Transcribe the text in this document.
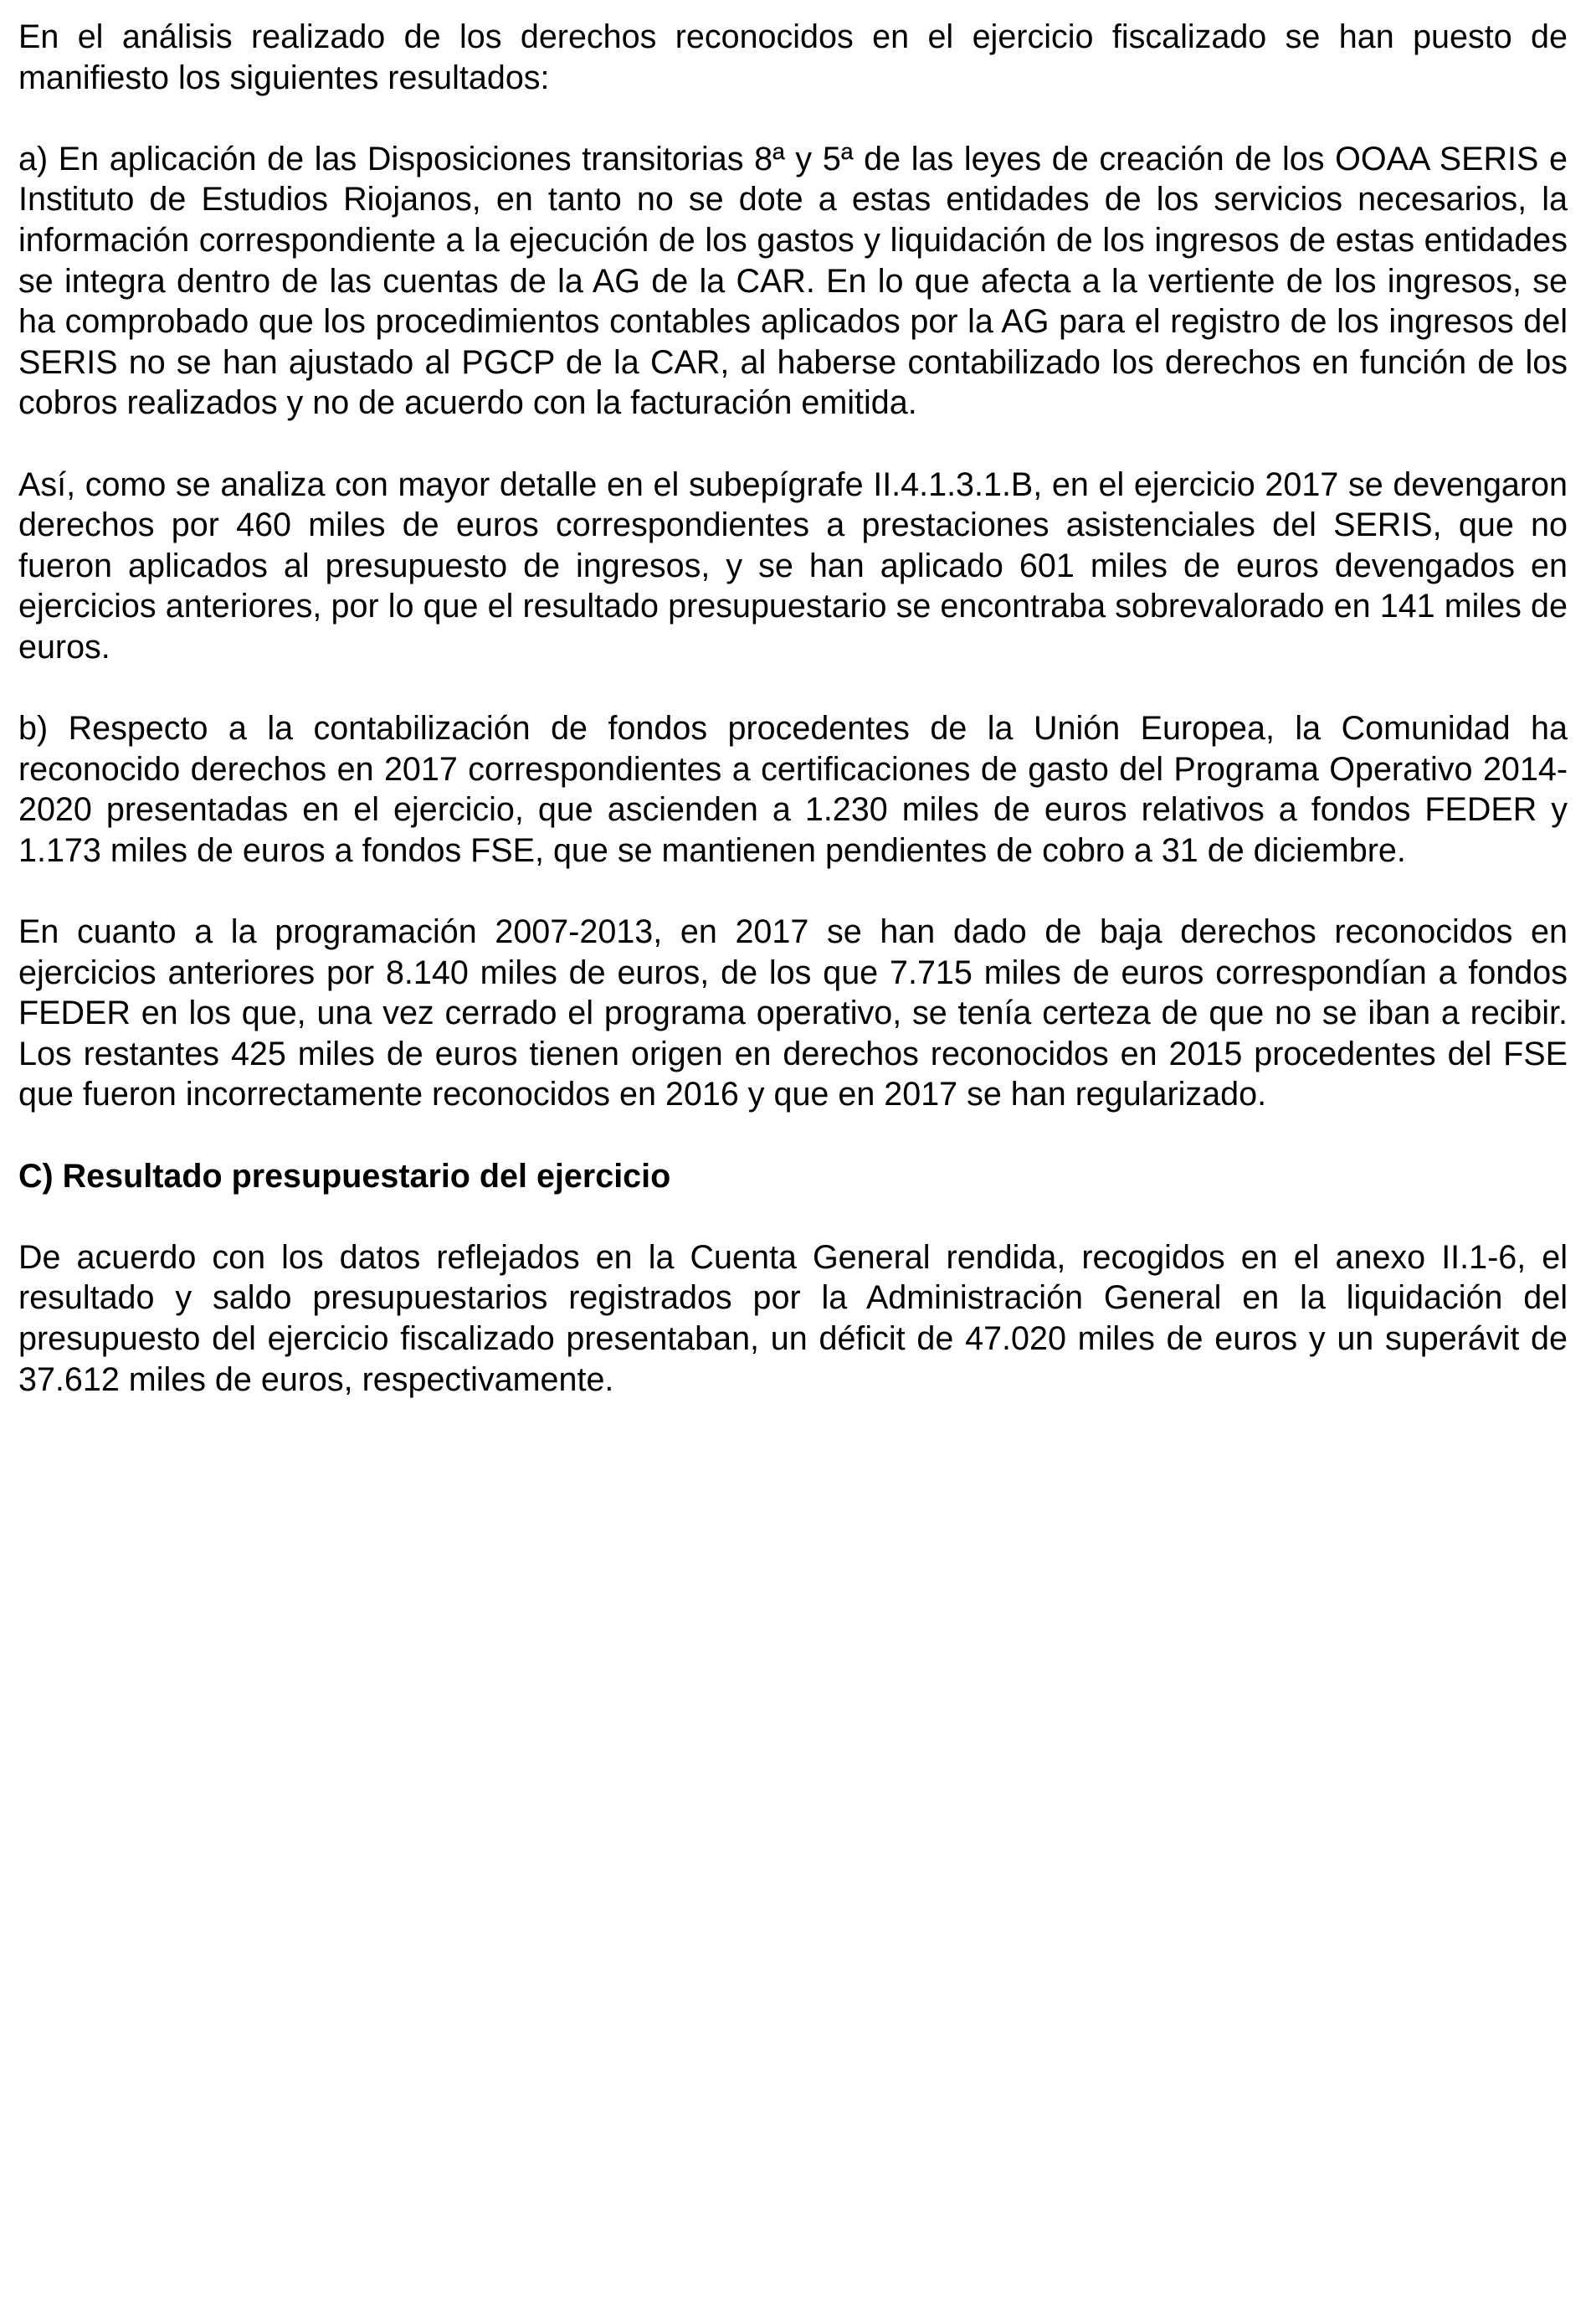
En el análisis realizado de los derechos reconocidos en el ejercicio fiscalizado se han puesto de manifiesto los siguientes resultados:

a) En aplicación de las Disposiciones transitorias 8ª y 5ª de las leyes de creación de los OOAA SERIS e Instituto de Estudios Riojanos, en tanto no se dote a estas entidades de los servicios necesarios, la información correspondiente a la ejecución de los gastos y liquidación de los ingresos de estas entidades se integra dentro de las cuentas de la AG de la CAR. En lo que afecta a la vertiente de los ingresos, se ha comprobado que los procedimientos contables aplicados por la AG para el registro de los ingresos del SERIS no se han ajustado al PGCP de la CAR, al haberse contabilizado los derechos en función de los cobros realizados y no de acuerdo con la facturación emitida.

Así, como se analiza con mayor detalle en el subepígrafe II.4.1.3.1.B, en el ejercicio 2017 se devengaron derechos por 460 miles de euros correspondientes a prestaciones asistenciales del SERIS, que no fueron aplicados al presupuesto de ingresos, y se han aplicado 601 miles de euros devengados en ejercicios anteriores, por lo que el resultado presupuestario se encontraba sobrevalorado en 141 miles de euros.

b) Respecto a la contabilización de fondos procedentes de la Unión Europea, la Comunidad ha reconocido derechos en 2017 correspondientes a certificaciones de gasto del Programa Operativo 2014-2020 presentadas en el ejercicio, que ascienden a 1.230 miles de euros relativos a fondos FEDER y 1.173 miles de euros a fondos FSE, que se mantienen pendientes de cobro a 31 de diciembre.

En cuanto a la programación 2007-2013, en 2017 se han dado de baja derechos reconocidos en ejercicios anteriores por 8.140 miles de euros, de los que 7.715 miles de euros correspondían a fondos FEDER en los que, una vez cerrado el programa operativo, se tenía certeza de que no se iban a recibir. Los restantes 425 miles de euros tienen origen en derechos reconocidos en 2015 procedentes del FSE que fueron incorrectamente reconocidos en 2016 y que en 2017 se han regularizado.

C) Resultado presupuestario del ejercicio

De acuerdo con los datos reflejados en la Cuenta General rendida, recogidos en el anexo II.1-6, el resultado y saldo presupuestarios registrados por la Administración General en la liquidación del presupuesto del ejercicio fiscalizado presentaban, un déficit de 47.020 miles de euros y un superávit de 37.612 miles de euros, respectivamente.
